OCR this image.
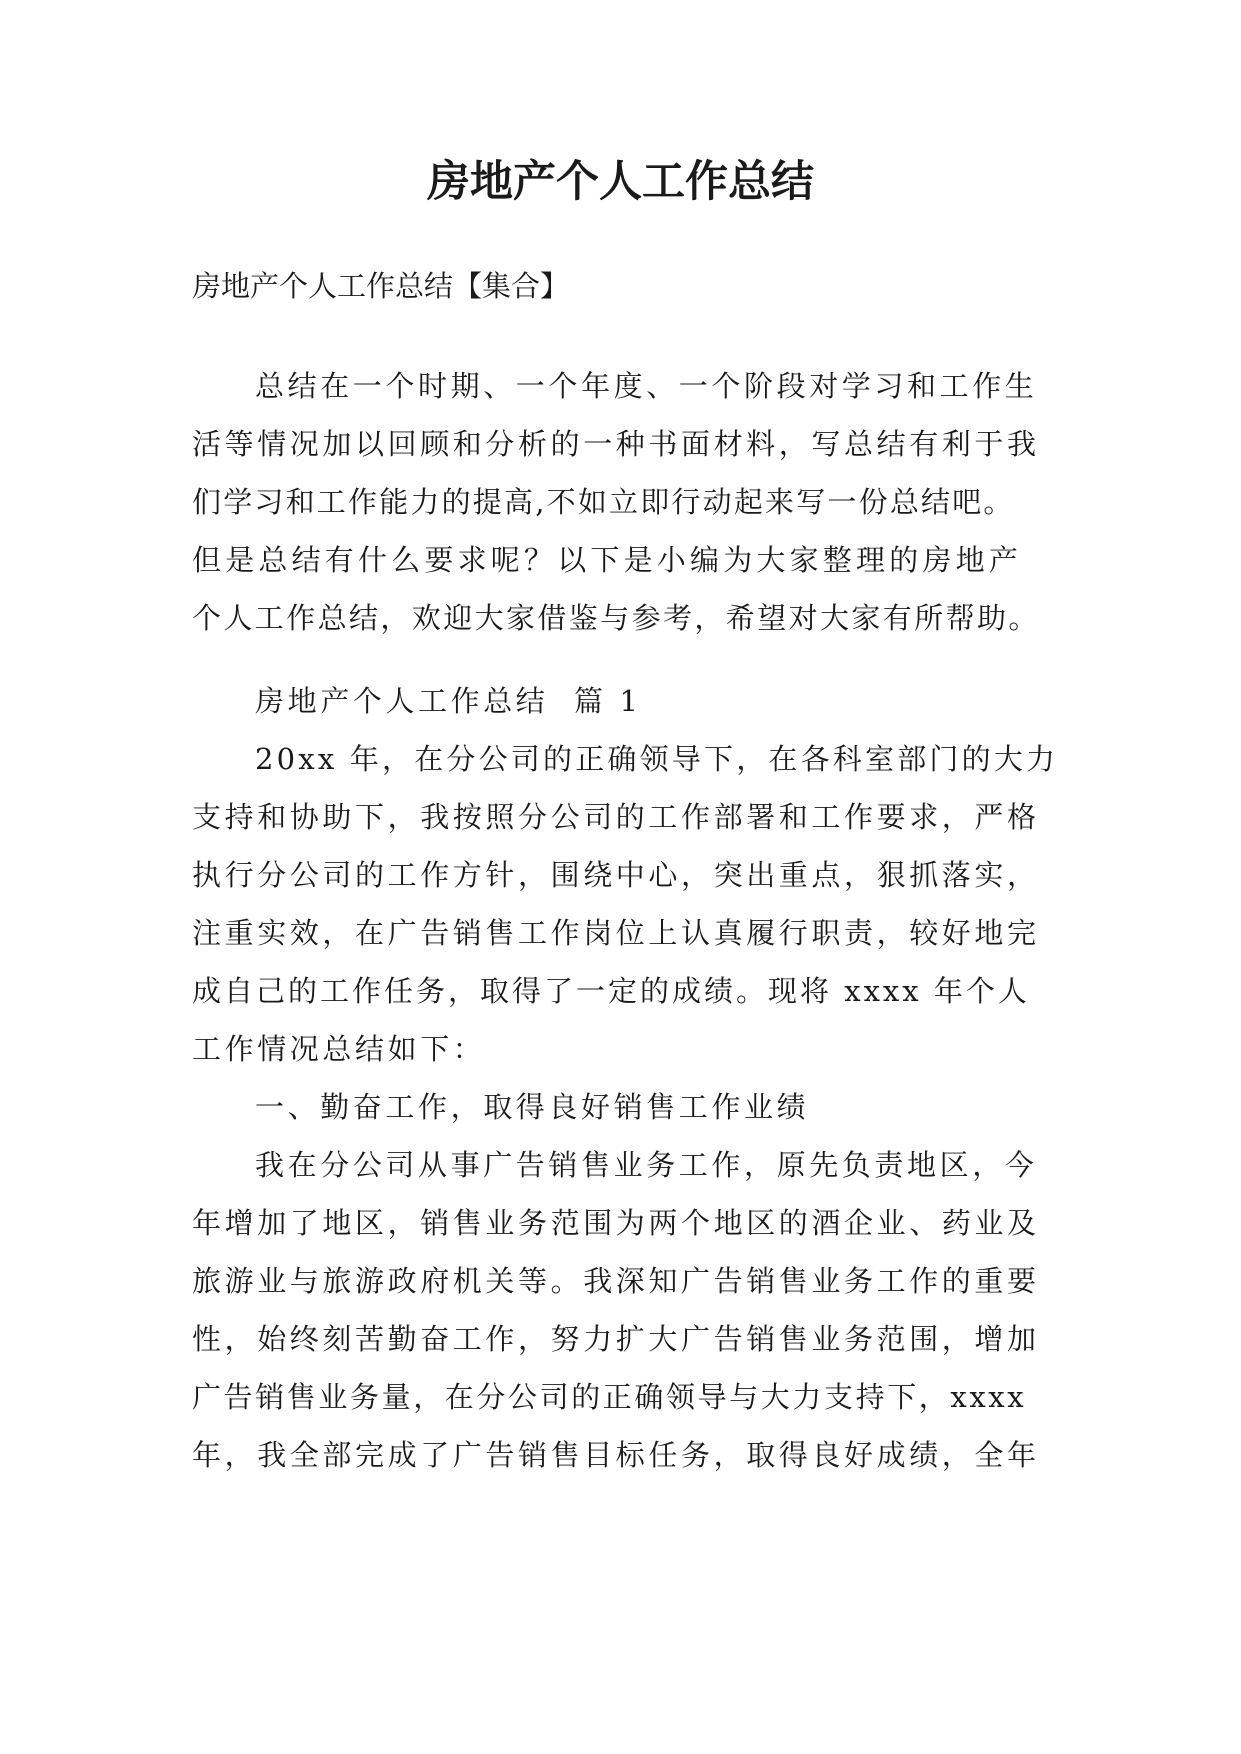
房地产个人工作总结

房地产个人工作总结【集合】

总结在一个时期、一个年度、一个阶段对学习和工作生
活等情况加以回顾和分析的一种书面材料，写总结有利于我
们学习和工作能力的提高,不如立即行动起来写一份总结吧。
但是总结有什么要求呢？以下是小编为大家整理的房地产
个人工作总结，欢迎大家借鉴与参考，希望对大家有所帮助。
房地产个人工作总结  篇 1
20xx 年，在分公司的正确领导下，在各科室部门的大力
支持和协助下，我按照分公司的工作部署和工作要求，严格
执行分公司的工作方针，围绕中心，突出重点，狠抓落实，
注重实效，在广告销售工作岗位上认真履行职责，较好地完
成自己的工作任务，取得了一定的成绩。现将 xxxx 年个人
工作情况总结如下：
一、勤奋工作，取得良好销售工作业绩
我在分公司从事广告销售业务工作，原先负责地区，今
年增加了地区，销售业务范围为两个地区的酒企业、药业及
旅游业与旅游政府机关等。我深知广告销售业务工作的重要
性，始终刻苦勤奋工作，努力扩大广告销售业务范围，增加
广告销售业务量，在分公司的正确领导与大力支持下，xxxx
年，我全部完成了广告销售目标任务，取得良好成绩，全年
